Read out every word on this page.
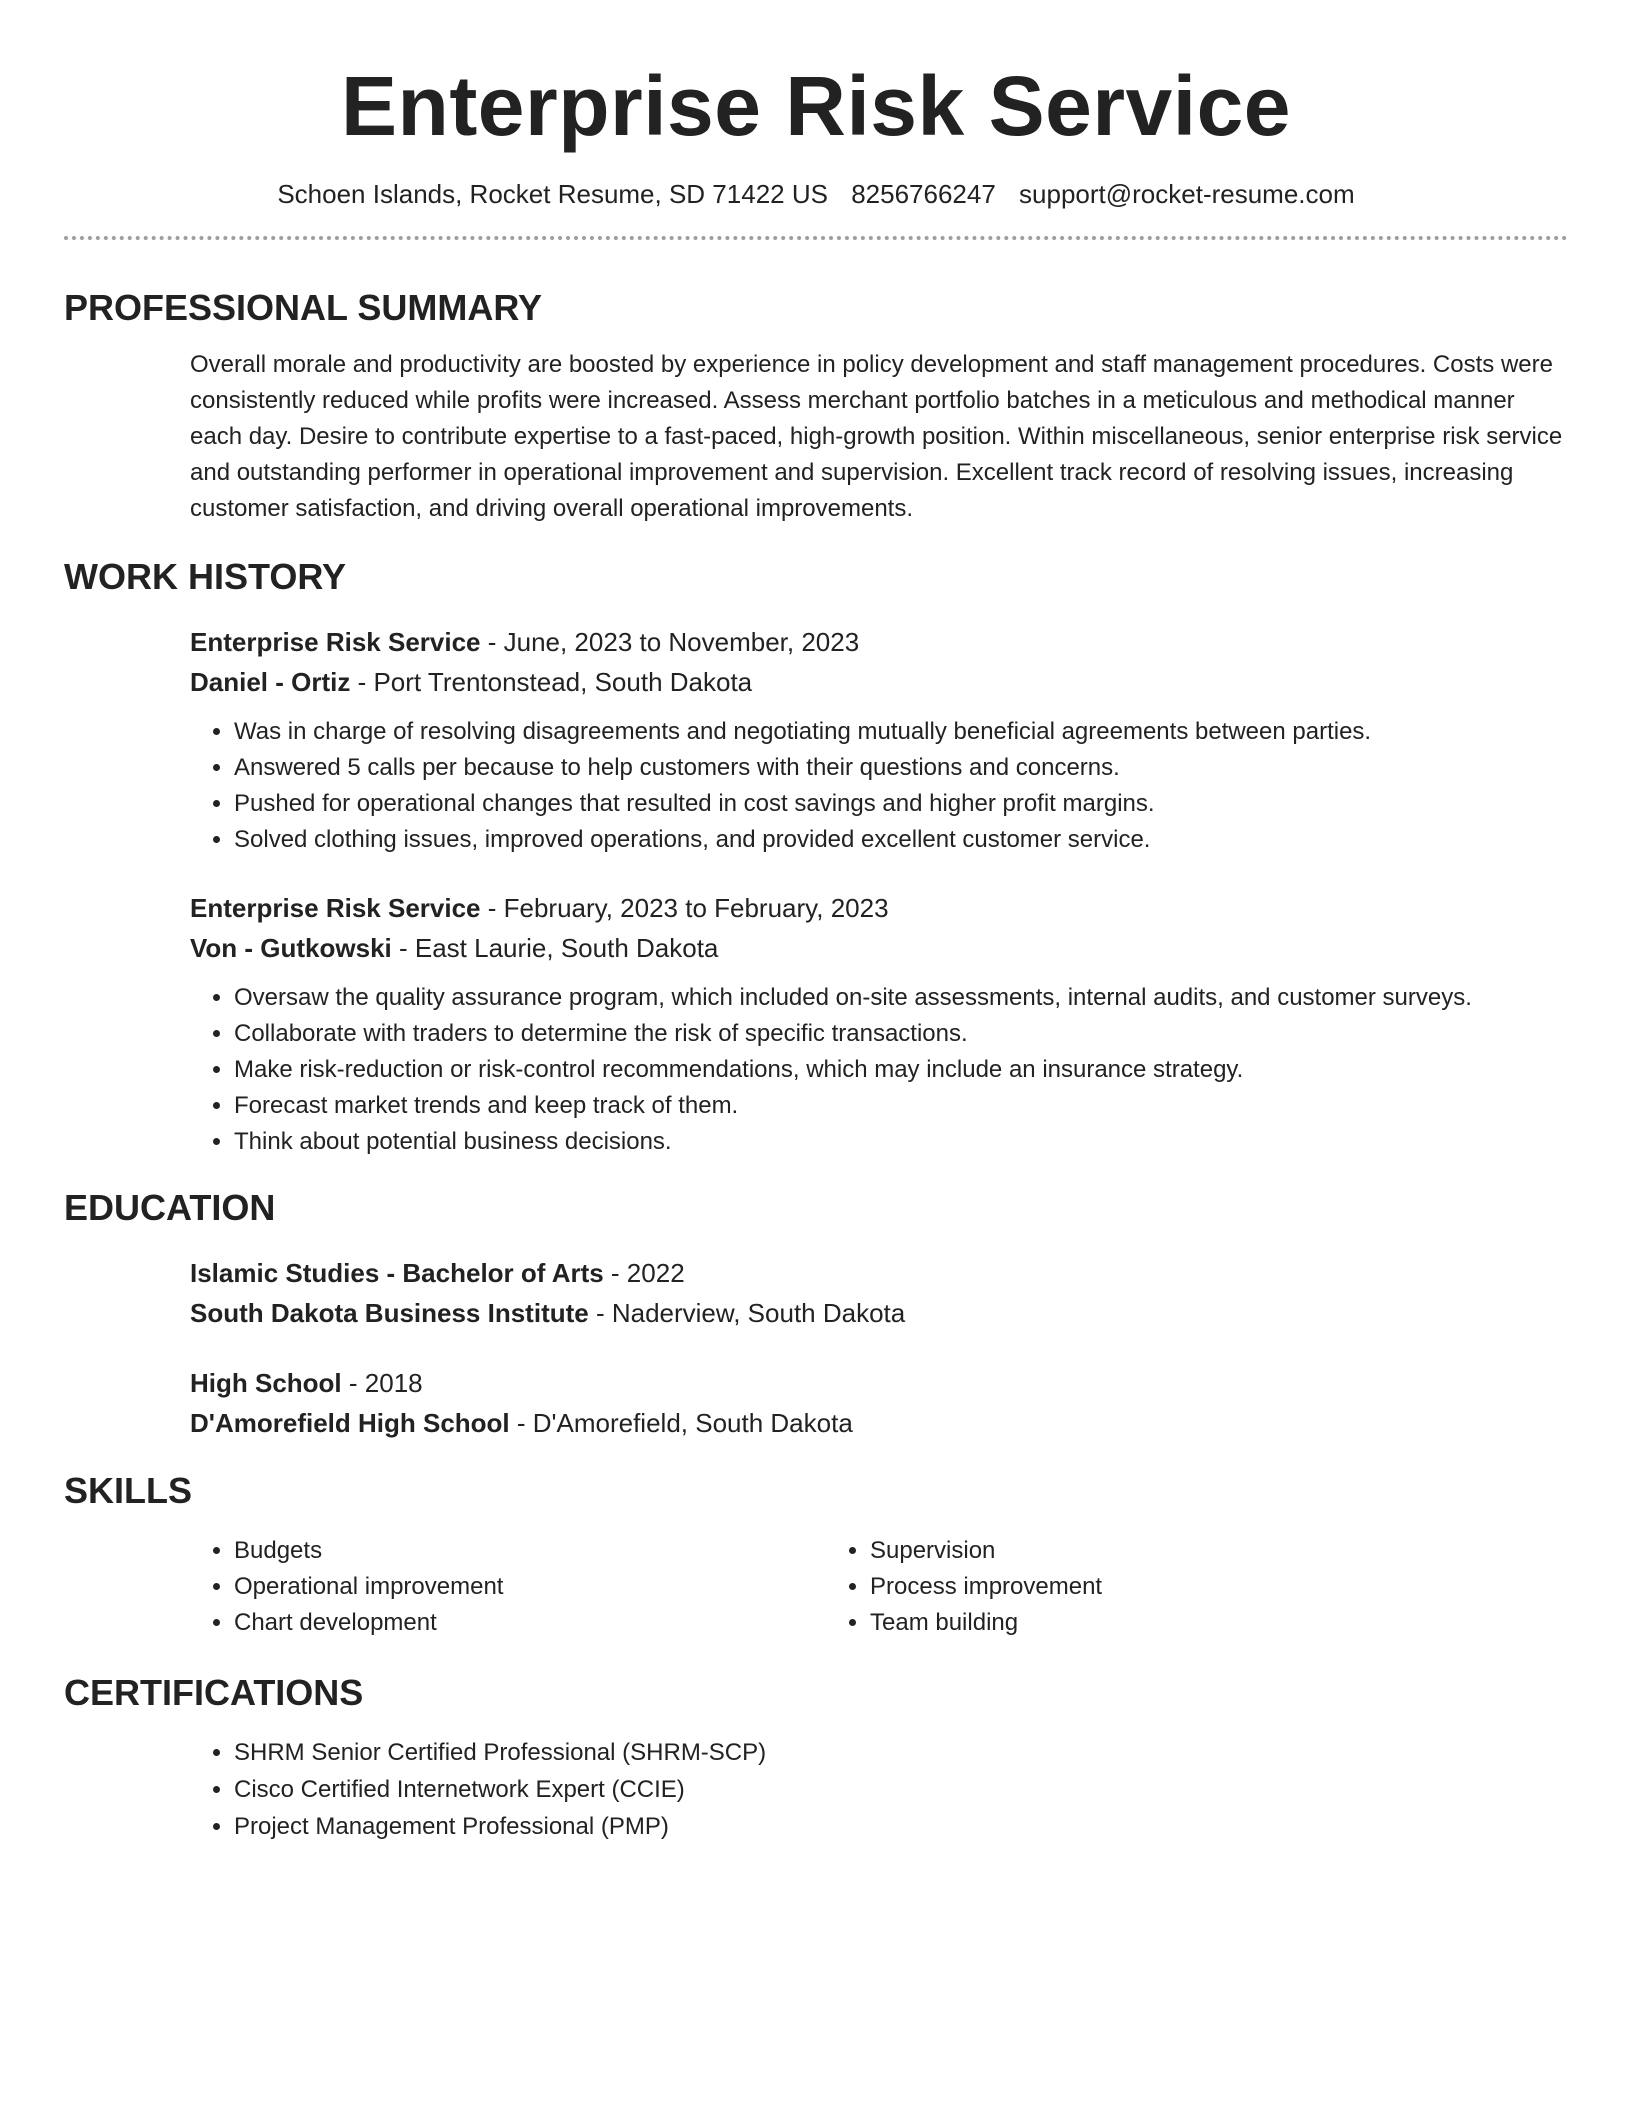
Enterprise Risk Service
Schoen Islands, Rocket Resume, SD 71422 US 8256766247 support@rocket-resume.com
PROFESSIONAL SUMMARY

Overall morale and productivity are boosted by experience in policy development and staff management procedures. Costs were consistently reduced while profits were increased. Assess merchant portfolio batches in a meticulous and methodical manner each day. Desire to contribute expertise to a fast-paced, high-growth position. Within miscellaneous, senior enterprise risk service and outstanding performer in operational improvement and supervision. Excellent track record of resolving issues, increasing customer satisfaction, and driving overall operational improvements.

WORK HISTORY
Enterprise Risk Service - June, 2023 to November, 2023
Daniel - Ortiz - Port Trentonstead, South Dakota
• Was in charge of resolving disagreements and negotiating mutually beneficial agreements between parties.
• Answered 5 calls per because to help customers with their questions and concerns.
• Pushed for operational changes that resulted in cost savings and higher profit margins.
• Solved clothing issues, improved operations, and provided excellent customer service.
Enterprise Risk Service - February, 2023 to February, 2023
Von - Gutkowski - East Laurie, South Dakota
• Oversaw the quality assurance program, which included on-site assessments, internal audits, and customer surveys.
• Collaborate with traders to determine the risk of specific transactions.
• Make risk-reduction or risk-control recommendations, which may include an insurance strategy.
• Forecast market trends and keep track of them.
• Think about potential business decisions.
EDUCATION
Islamic Studies - Bachelor of Arts - 2022
South Dakota Business Institute - Naderview, South Dakota
High School - 2018
D'Amorefield High School - D'Amorefield, South Dakota
SKILLS
• Budgets
• Operational improvement
• Chart development
• Supervision
• Process improvement
• Team building
CERTIFICATIONS
• SHRM Senior Certified Professional (SHRM-SCP)
• Cisco Certified Internetwork Expert (CCIE)
• Project Management Professional (PMP)
